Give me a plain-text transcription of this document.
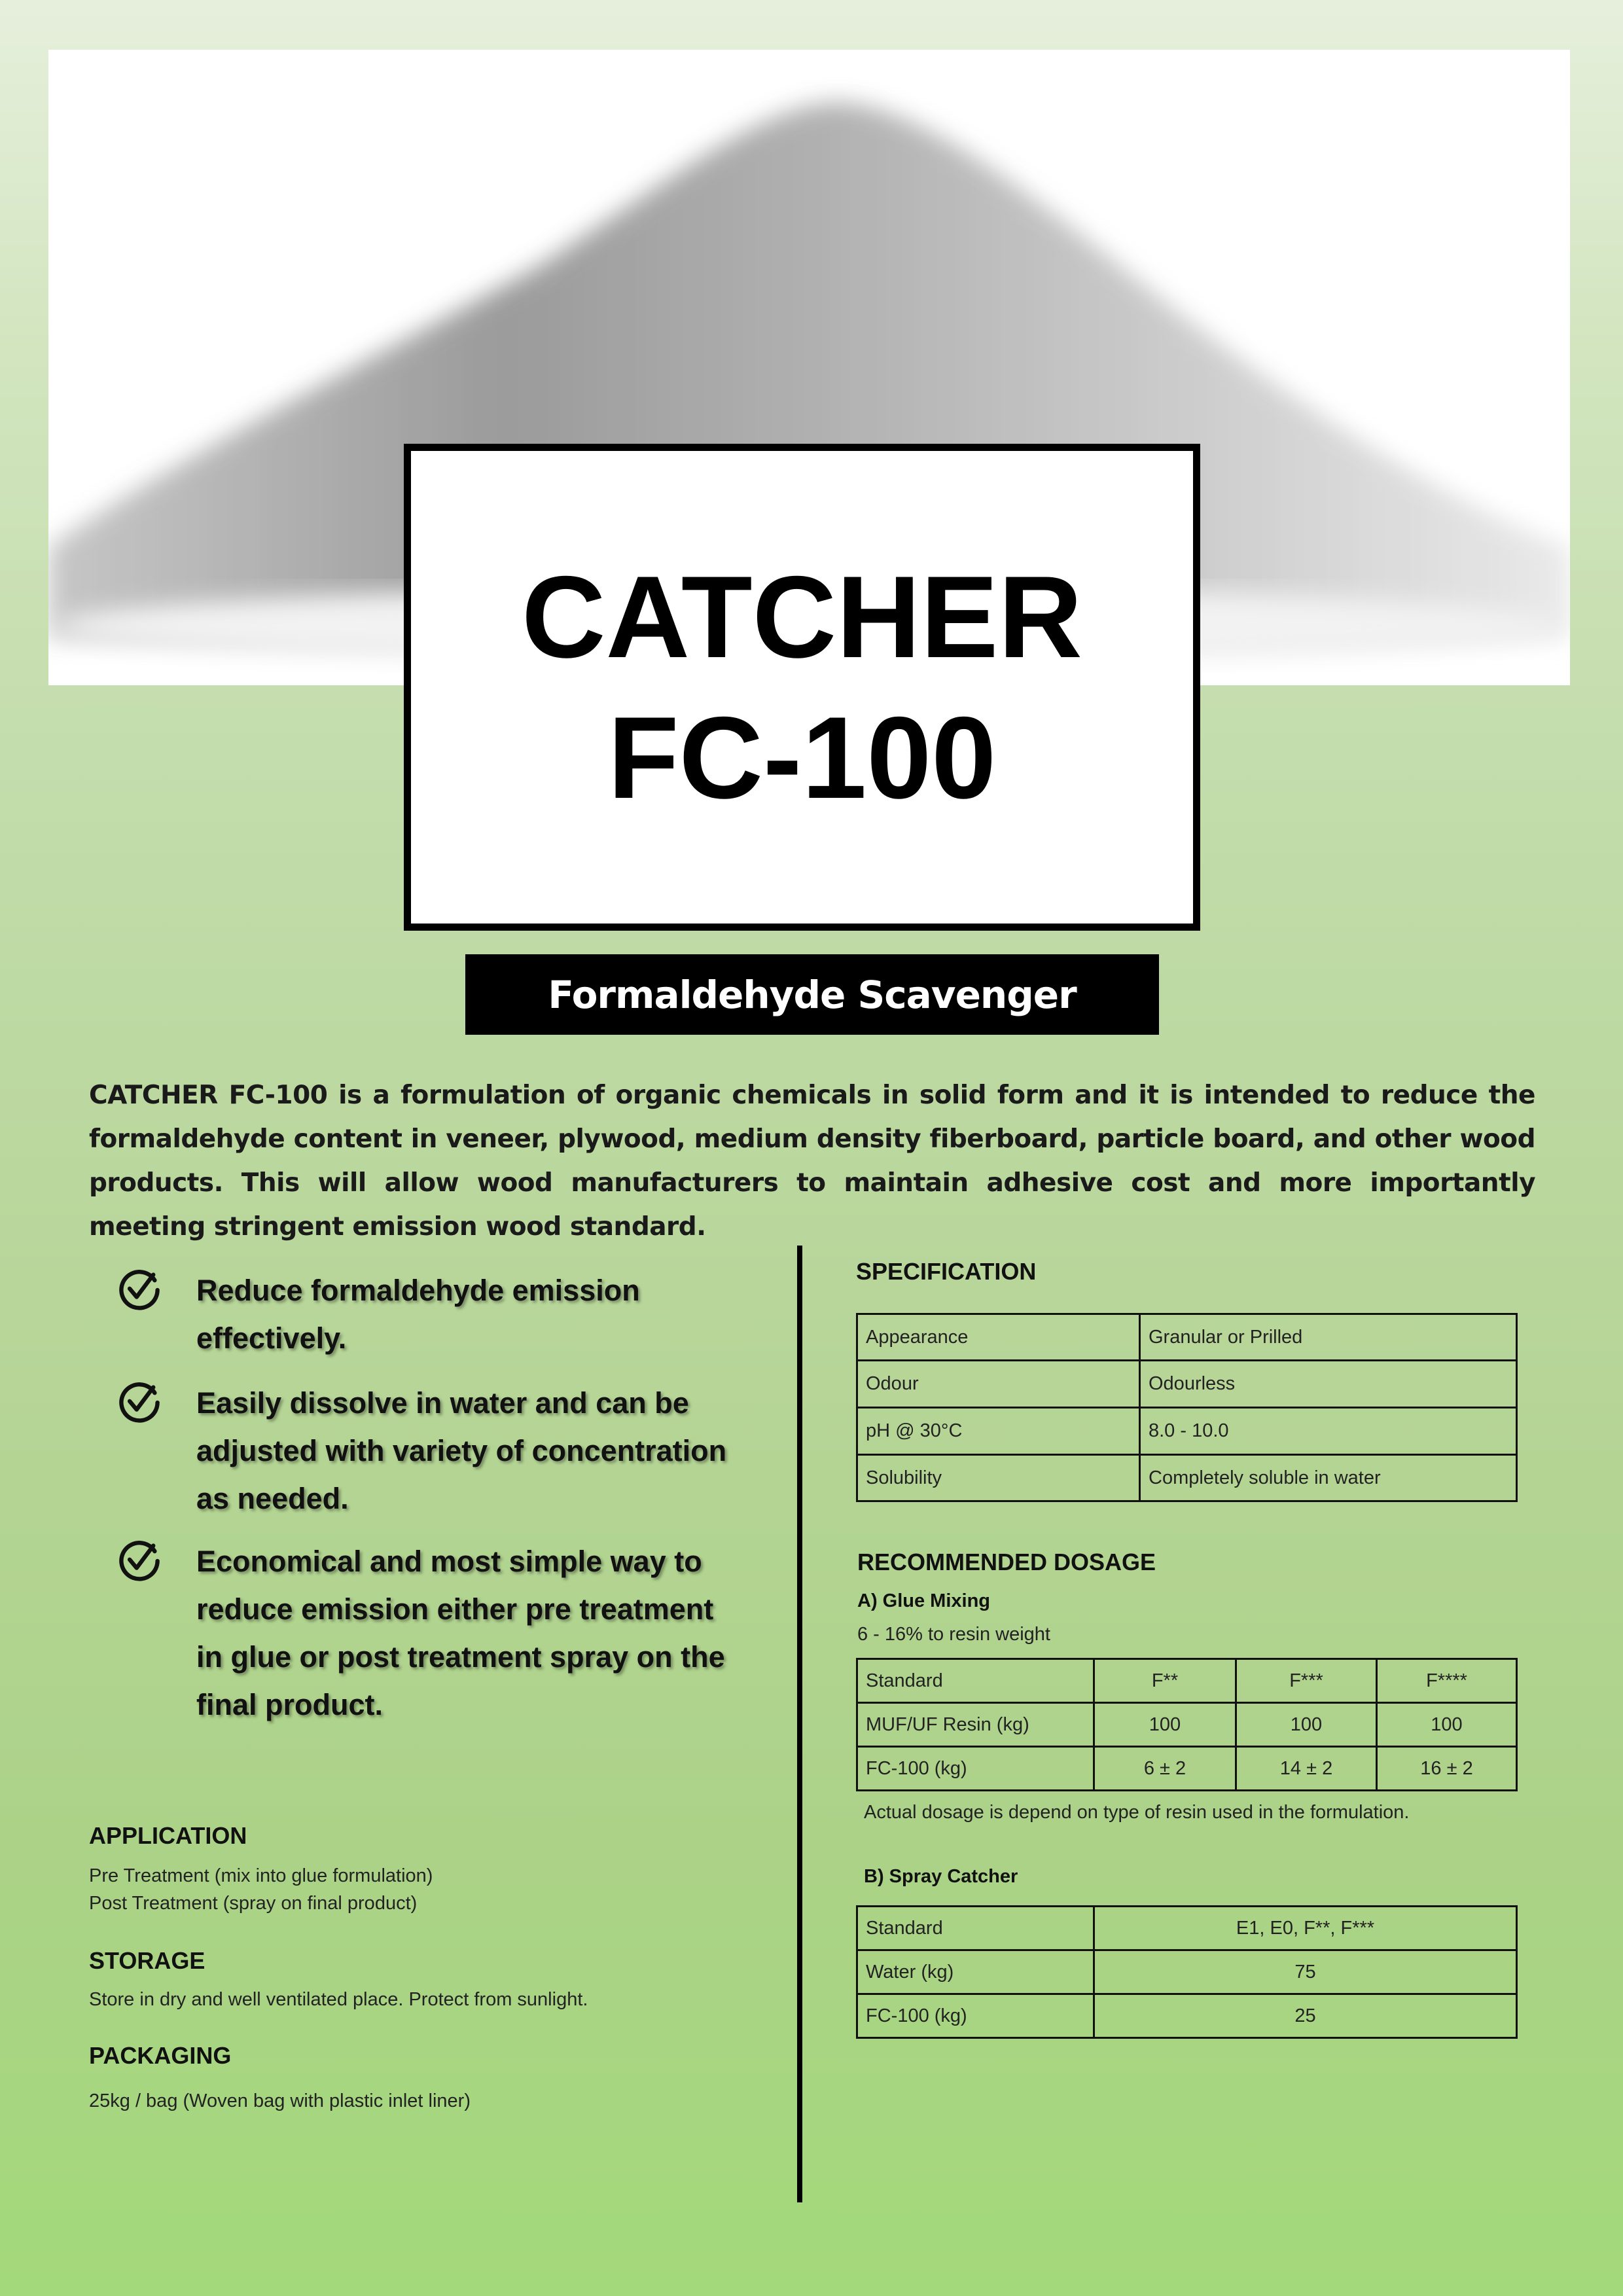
CATCHER
FC-100
Formaldehyde Scavenger

CATCHER FC-100 is a formulation of organic chemicals in solid form and it is intended to reduce the formaldehyde content in veneer, plywood, medium density fiberboard, particle board, and other wood products. This will allow wood manufacturers to maintain adhesive cost and more importantly meeting stringent emission wood standard.

Reduce formaldehyde emission effectively.
Easily dissolve in water and can be adjusted with variety of concentration as needed.
Economical and most simple way to reduce emission either pre treatment in glue or post treatment spray on the final product.
APPLICATION
Pre Treatment (mix into glue formulation)
Post Treatment (spray on final product)
STORAGE
Store in dry and well ventilated place. Protect from sunlight.
PACKAGING
25kg / bag (Woven bag with plastic inlet liner)
SPECIFICATION
Appearance	Granular or Prilled
Odour	Odourless
pH @ 30°C	8.0 - 10.0
Solubility	Completely soluble in water
RECOMMENDED DOSAGE
A) Glue Mixing
6 - 16% to resin weight
Standard	F**	F***	F****
MUF/UF Resin (kg)	100	100	100
FC-100 (kg)	6 ± 2	14 ± 2	16 ± 2
Actual dosage is depend on type of resin used in the formulation.
B) Spray Catcher
Standard	E1, E0, F**, F***
Water (kg)	75
FC-100 (kg)	25
